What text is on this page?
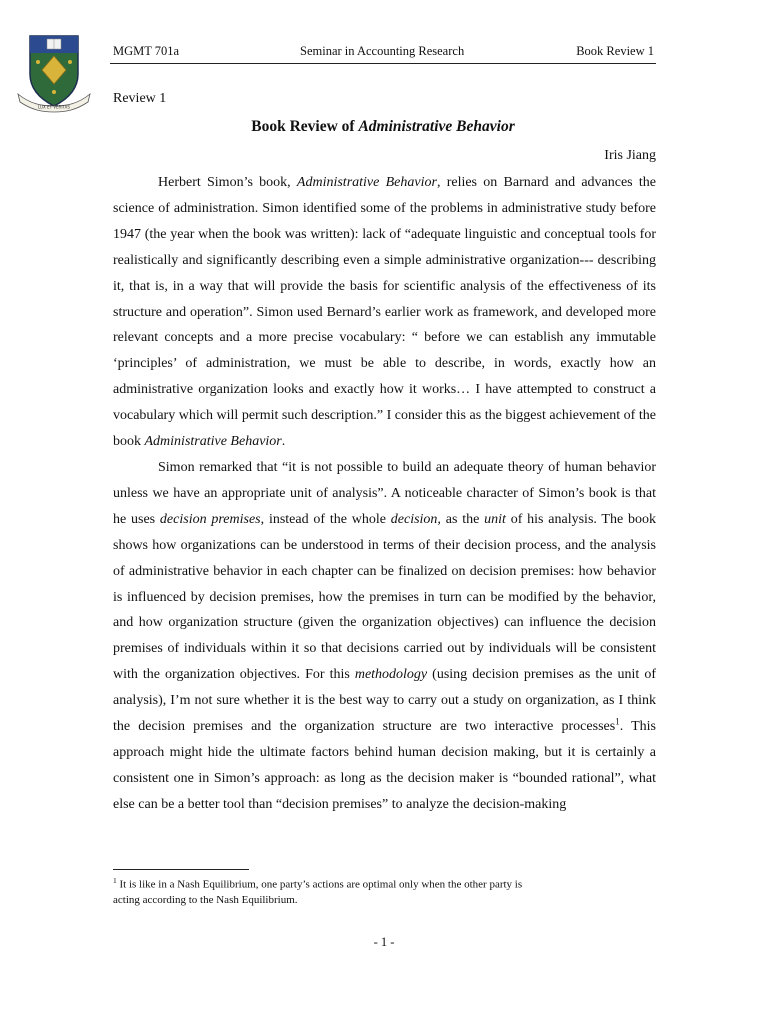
LUX ET VERITAS
MGMT 701a	Seminar in Accounting Research	Book Review 1
Review 1
Book Review of Administrative Behavior
Iris Jiang

Herbert Simon’s book, Administrative Behavior, relies on Barnard and advances the science of administration. Simon identified some of the problems in administrative study before 1947 (the year when the book was written): lack of “adequate linguistic and conceptual tools for realistically and significantly describing even a simple administrative organization--- describing it, that is, in a way that will provide the basis for scientific analysis of the effectiveness of its structure and operation”. Simon used Bernard’s earlier work as framework, and developed more relevant concepts and a more precise vocabulary: “ before we can establish any immutable ‘principles’ of administration, we must be able to describe, in words, exactly how an administrative organization looks and exactly how it works… I have attempted to construct a vocabulary which will permit such description.” I consider this as the biggest achievement of the book Administrative Behavior.

Simon remarked that “it is not possible to build an adequate theory of human behavior unless we have an appropriate unit of analysis”. A noticeable character of Simon’s book is that he uses decision premises, instead of the whole decision, as the unit of his analysis. The book shows how organizations can be understood in terms of their decision process, and the analysis of administrative behavior in each chapter can be finalized on decision premises: how behavior is influenced by decision premises, how the premises in turn can be modified by the behavior, and how organization structure (given the organization objectives) can influence the decision premises of individuals within it so that decisions carried out by individuals will be consistent with the organization objectives. For this methodology (using decision premises as the unit of analysis), I’m not sure whether it is the best way to carry out a study on organization, as I think the decision premises and the organization structure are two interactive processes$^1$. This approach might hide the ultimate factors behind human decision making, but it is certainly a consistent one in Simon’s approach: as long as the decision maker is “bounded rational”, what else can be a better tool than “decision premises” to analyze the decision-making

$^1$ It is like in a Nash Equilibrium, one party’s actions are optimal only when the other party is acting according to the Nash Equilibrium.
- 1 -
